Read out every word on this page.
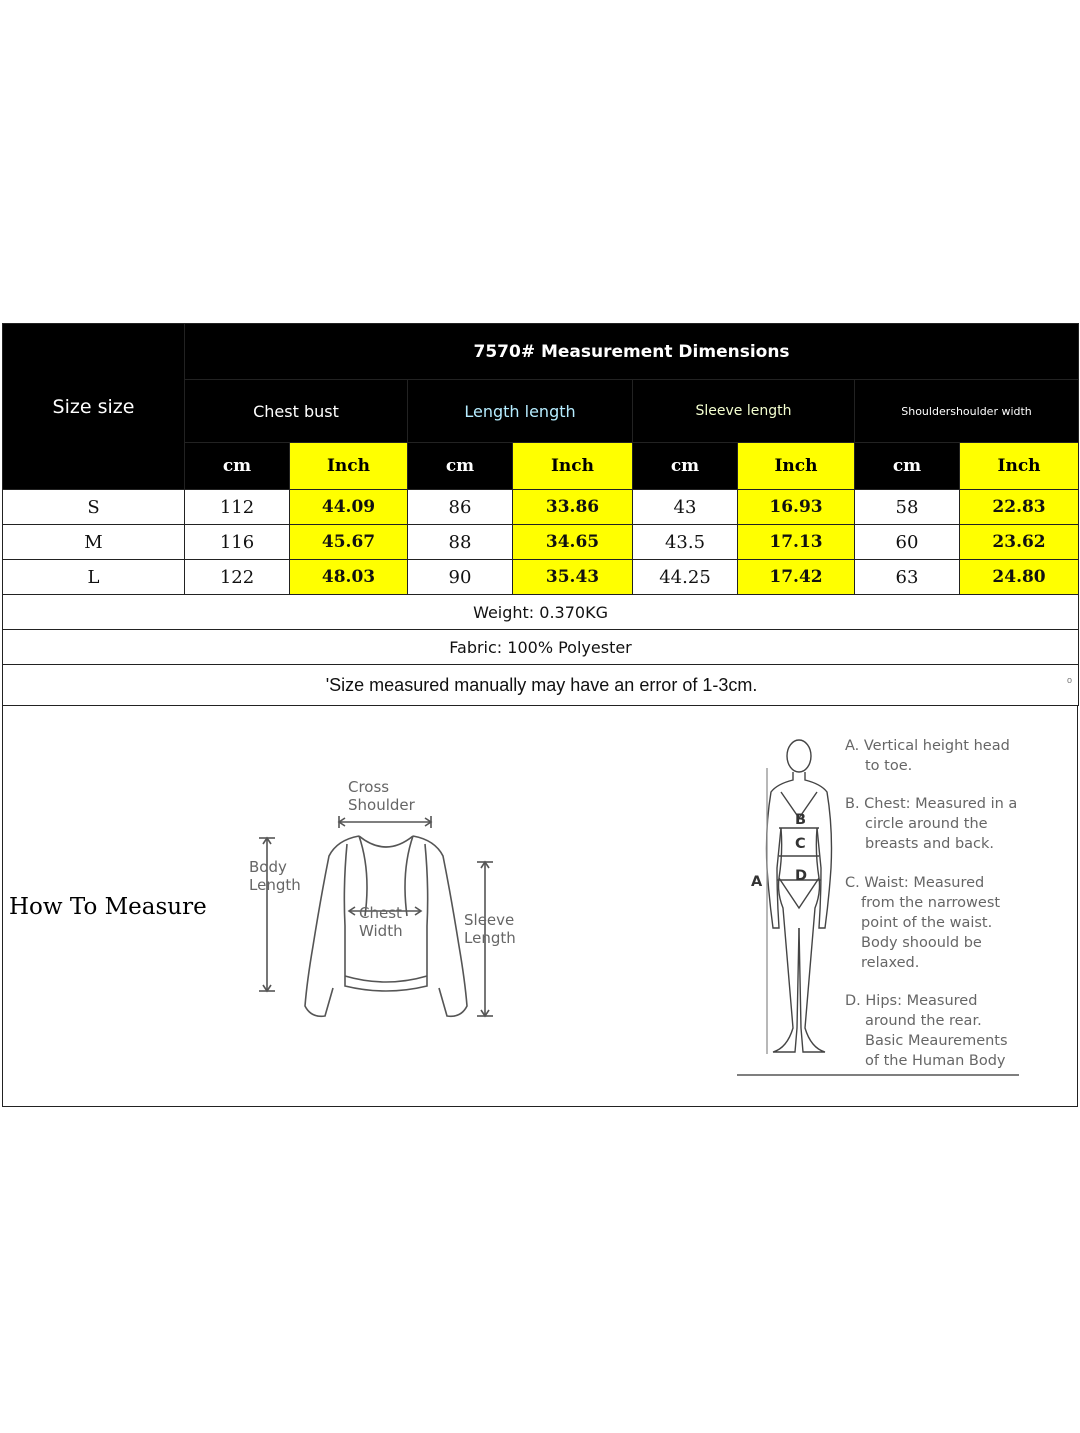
Size size	7570# Measurement Dimensions							
	Chest bust		Length length		Sleeve length		Shouldershoulder width	
	cm	Inch	cm	Inch	cm	Inch	cm	Inch
S	112	44.09	86	33.86	43	16.93	58	22.83
M	116	45.67	88	34.65	43.5	17.13	60	23.62
L	122	48.03	90	35.43	44.25	17.42	63	24.80
Weight: 0.370KG								
Fabric: 100% Polyester								
'Size measured manually may have an error of 1-3cm. o								
How To Measure
Cross
Shoulder
Body
Length
Chest
Width
Sleeve
Length
A
B
C
D
A. Vertical height head
to toe.
B. Chest: Measured in a
circle around the
breasts and back.
C. Waist: Measured
from the narrowest
point of the waist.
Body shoould be
relaxed.
D. Hips: Measured
around the rear.
Basic Meaurements
of the Human Body
